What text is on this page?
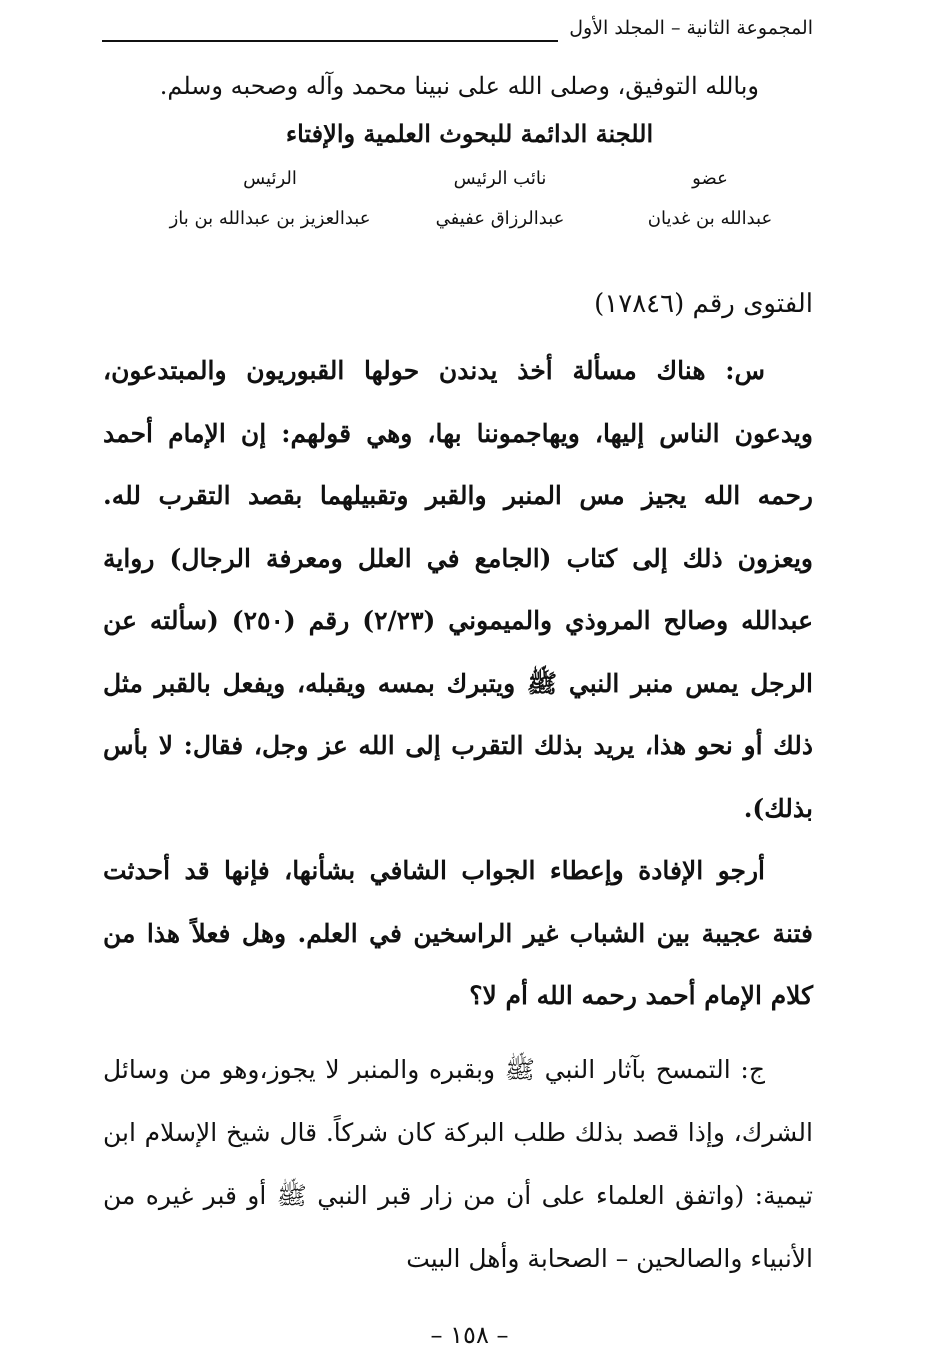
المجموعة الثانية – المجلد الأول
وبالله التوفيق، وصلى الله على نبينا محمد وآله وصحبه وسلم.
اللجنة الدائمة للبحوث العلمية والإفتاء
عضو
عبدالله بن غديان
نائب الرئيس
عبدالرزاق عفيفي
الرئيس
عبدالعزيز بن عبدالله بن باز
الفتوى رقم (١٧٨٤٦)

س: هناك مسألة أخذ يدندن حولها القبوريون والمبتدعون، ويدعون الناس إليها، ويهاجموننا بها، وهي قولهم: إن الإمام أحمد رحمه الله يجيز مس المنبر والقبر وتقبيلهما بقصد التقرب لله. ويعزون ذلك إلى كتاب (الجامع في العلل ومعرفة الرجال) رواية عبدالله وصالح المروذي والميموني (٢/٢٣) رقم (٢٥٠) (سألته عن الرجل يمس منبر النبي ﷺ ويتبرك بمسه ويقبله، ويفعل بالقبر مثل ذلك أو نحو هذا، يريد بذلك التقرب إلى الله عز وجل، فقال: لا بأس بذلك).

أرجو الإفادة وإعطاء الجواب الشافي بشأنها، فإنها قد أحدثت فتنة عجيبة بين الشباب غير الراسخين في العلم. وهل فعلاً هذا من كلام الإمام أحمد رحمه الله أم لا؟

ج: التمسح بآثار النبي ﷺ وبقبره والمنبر لا يجوز،وهو من وسائل الشرك، وإذا قصد بذلك طلب البركة كان شركاً. قال شيخ الإسلام ابن تيمية: (واتفق العلماء على أن من زار قبر النبي ﷺ أو قبر غيره من الأنبياء والصالحين – الصحابة وأهل البيت

– ١٥٨ –
